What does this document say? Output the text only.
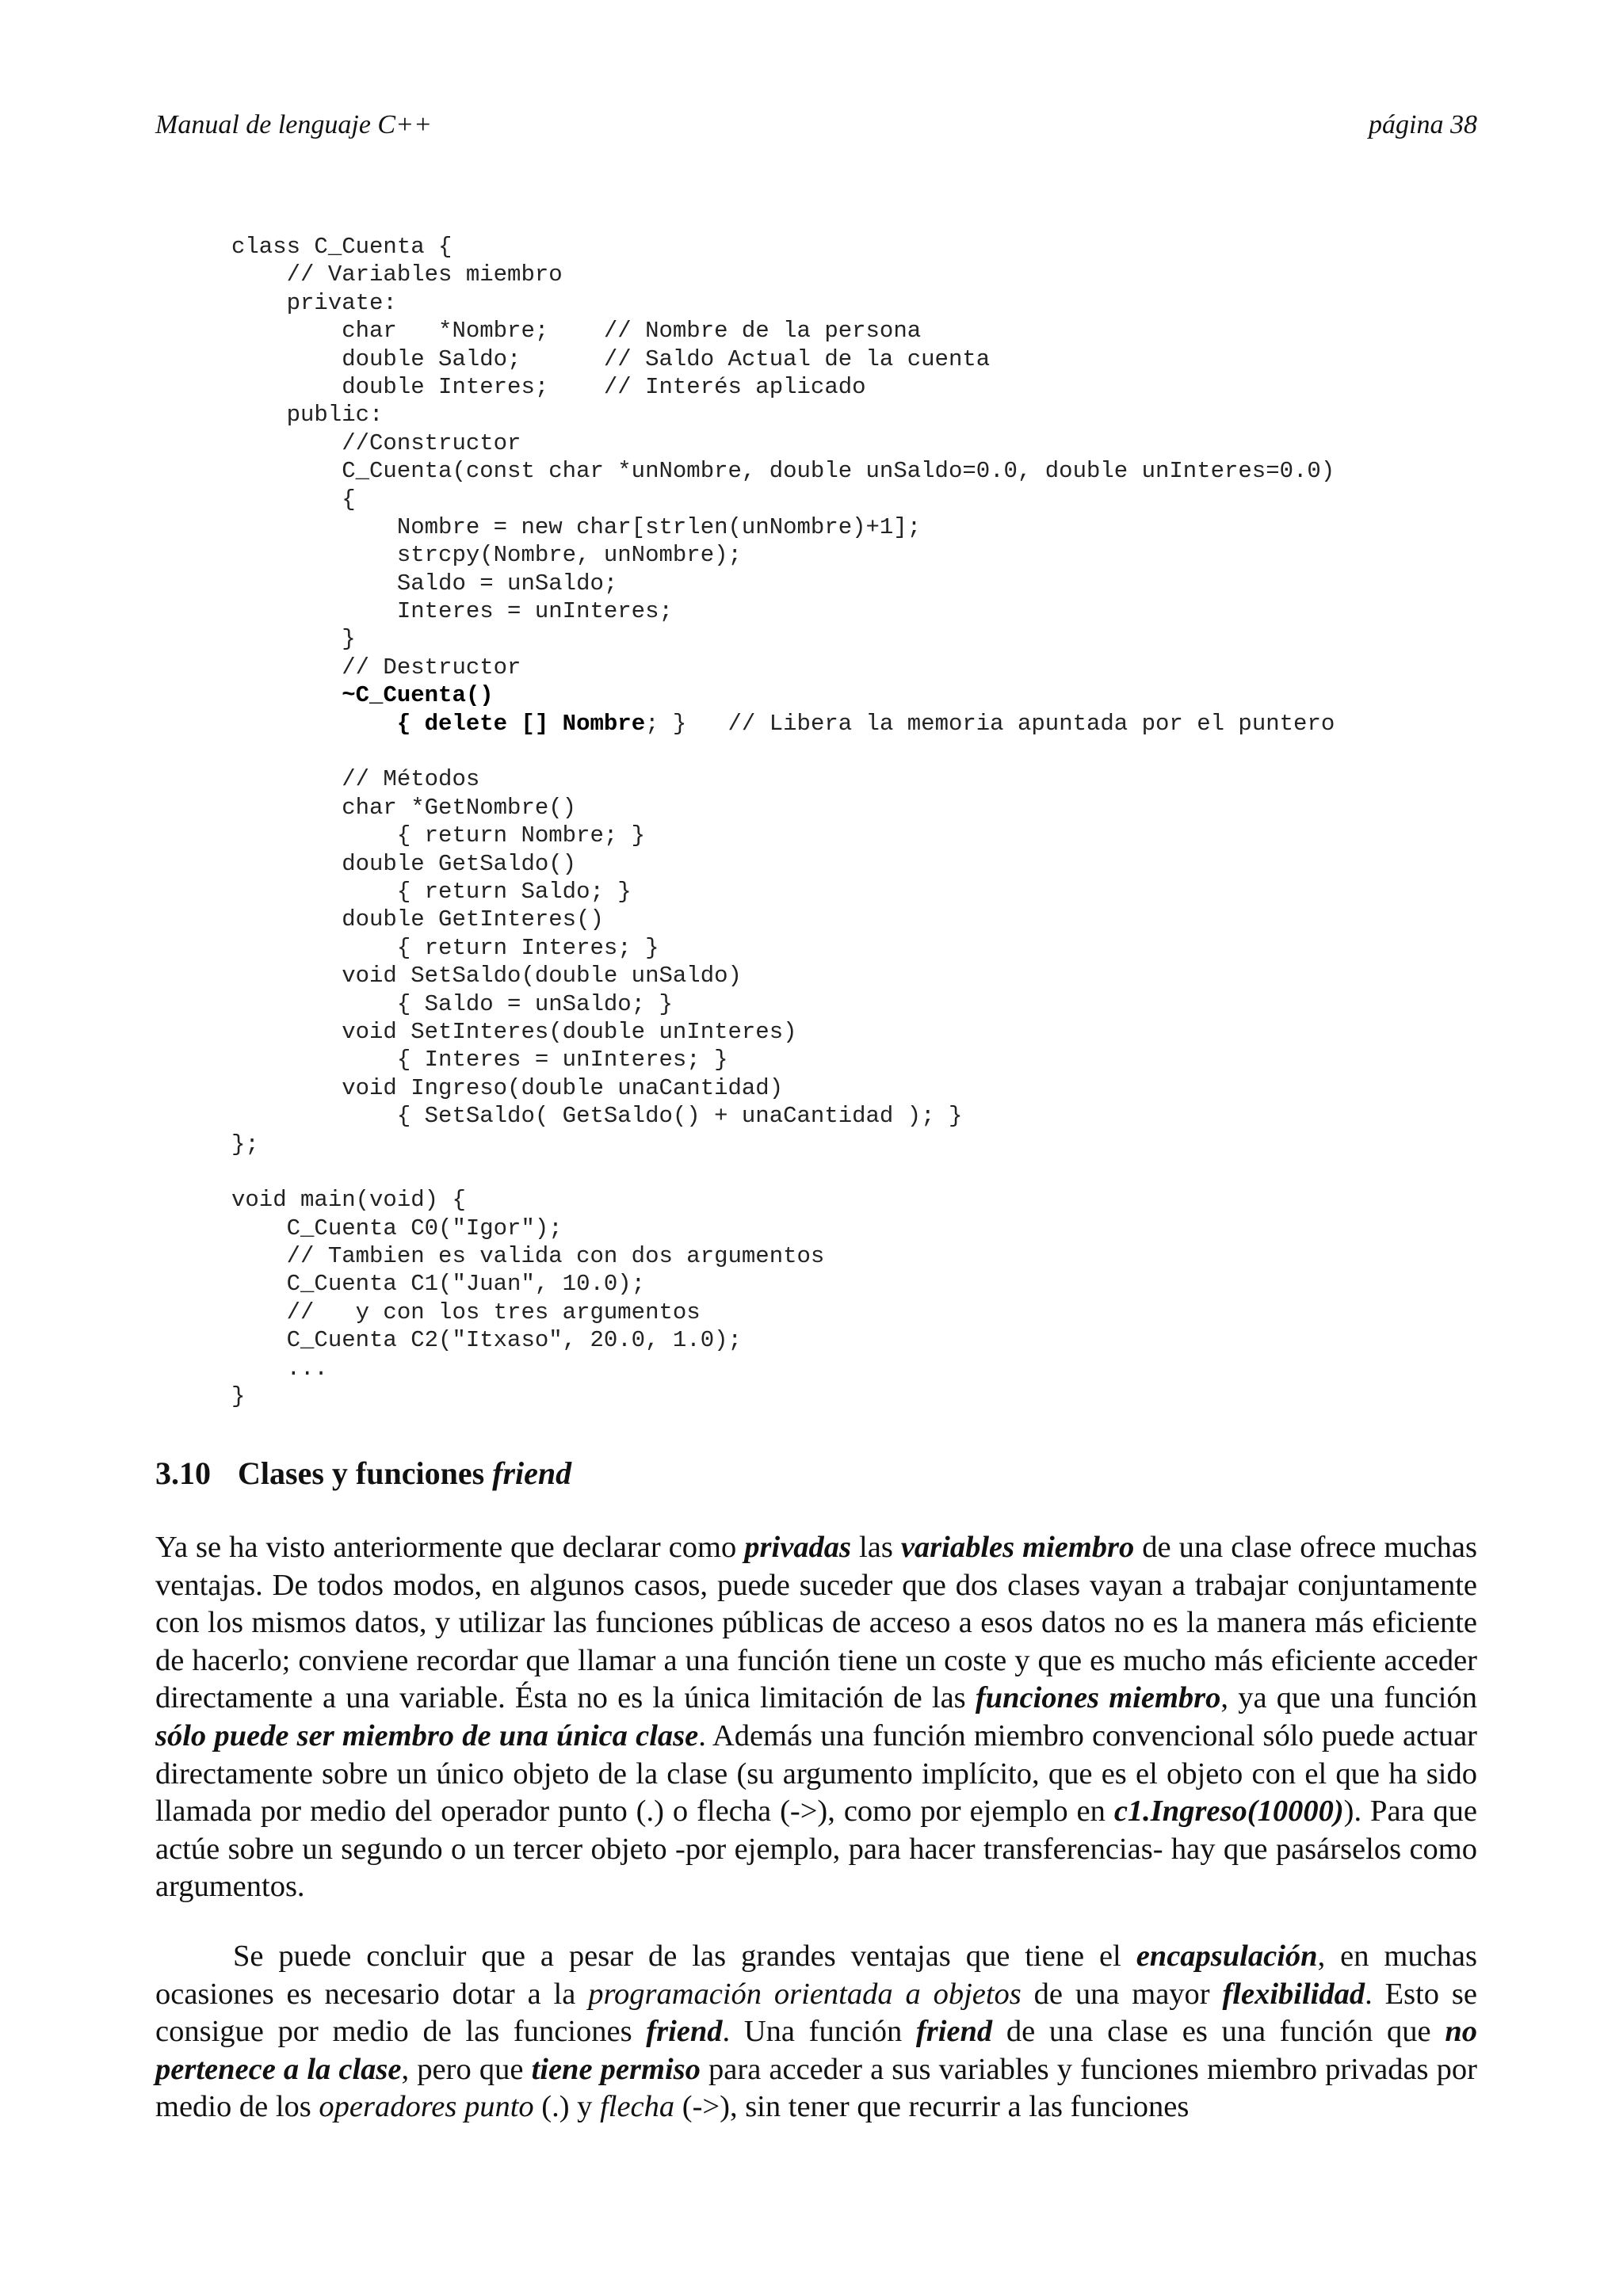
Manual de lenguaje C++	página 38
class C_Cuenta {
// Variables miembro
private:
char   *Nombre;    // Nombre de la persona
double Saldo;      // Saldo Actual de la cuenta
double Interes;    // Interés aplicado
public:
//Constructor
C_Cuenta(const char *unNombre, double unSaldo=0.0, double unInteres=0.0)
{
Nombre = new char[strlen(unNombre)+1];
strcpy(Nombre, unNombre);
Saldo = unSaldo;
Interes = unInteres;
}
// Destructor
~C_Cuenta()
{ delete [] Nombre; }   // Libera la memoria apuntada por el puntero
// Métodos
char *GetNombre()
{ return Nombre; }
double GetSaldo()
{ return Saldo; }
double GetInteres()
{ return Interes; }
void SetSaldo(double unSaldo)
{ Saldo = unSaldo; }
void SetInteres(double unInteres)
{ Interes = unInteres; }
void Ingreso(double unaCantidad)
{ SetSaldo( GetSaldo() + unaCantidad ); }
};
void main(void) {
C_Cuenta C0("Igor");
// Tambien es valida con dos argumentos
C_Cuenta C1("Juan", 10.0);
//   y con los tres argumentos
C_Cuenta C2("Itxaso", 20.0, 1.0);
...
}
3.10 Clases y funciones friend

Ya se ha visto anteriormente que declarar como privadas las variables miembro de una clase ofrece muchas ventajas. De todos modos, en algunos casos, puede suceder que dos clases vayan a trabajar conjuntamente con los mismos datos, y utilizar las funciones públicas de acceso a esos datos no es la manera más eficiente de hacerlo; conviene recordar que llamar a una función tiene un coste y que es mucho más eficiente acceder directamente a una variable. Ésta no es la única limitación de las funciones miembro, ya que una función sólo puede ser miembro de una única clase. Además una función miembro convencional sólo puede actuar directamente sobre un único objeto de la clase (su argumento implícito, que es el objeto con el que ha sido llamada por medio del operador punto (.) o flecha (->), como por ejemplo en c1.Ingreso(10000)). Para que actúe sobre un segundo o un tercer objeto -por ejemplo, para hacer transferencias- hay que pasárselos como argumentos.

Se puede concluir que a pesar de las grandes ventajas que tiene el encapsulación, en muchas ocasiones es necesario dotar a la programación orientada a objetos de una mayor flexibilidad. Esto se consigue por medio de las funciones friend. Una función friend de una clase es una función que no pertenece a la clase, pero que tiene permiso para acceder a sus variables y funciones miembro privadas por medio de los operadores punto (.) y flecha (->), sin tener que recurrir a las funciones
